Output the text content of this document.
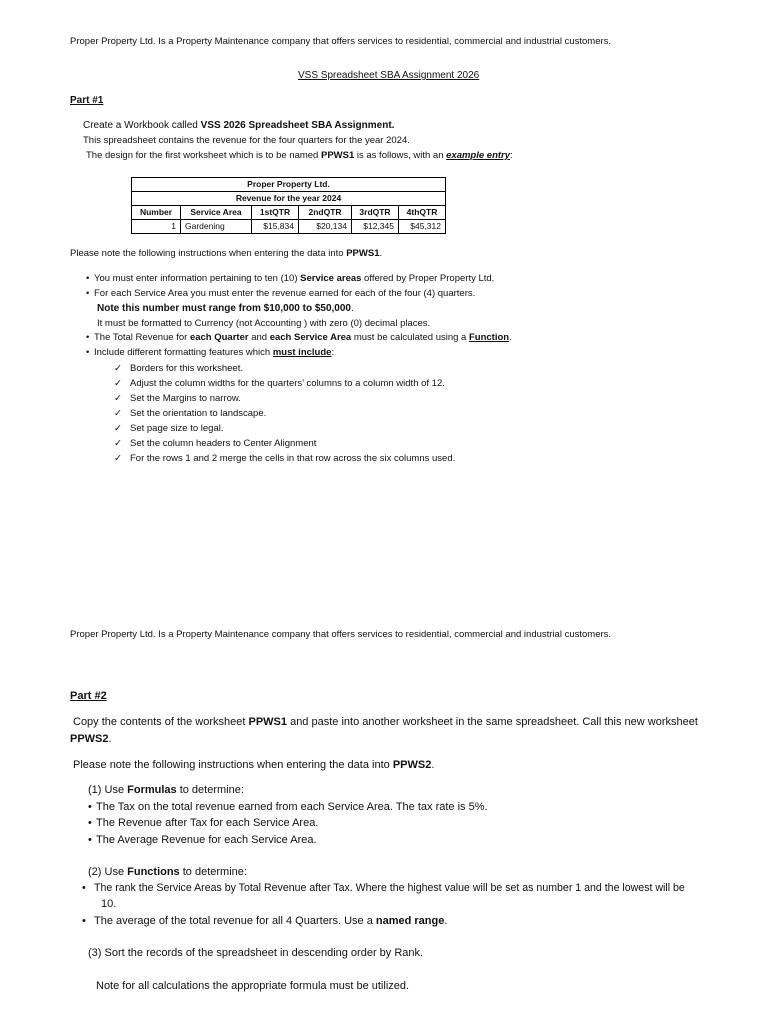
Proper Property Ltd. Is a Property Maintenance company that offers services to residential, commercial and industrial customers.
VSS Spreadsheet SBA Assignment 2026
Part #1
Create a Workbook called VSS 2026 Spreadsheet SBA Assignment.
This spreadsheet contains the revenue for the four quarters for the year 2024.
The design for the first worksheet which is to be named PPWS1 is as follows, with an example entry:
Proper Property Ltd.					
Revenue for the year 2024					
Number	Service Area	1stQTR	2ndQTR	3rdQTR	4thQTR
1	Gardening	$15,834	$20,134	$12,345	$45,312
Please note the following instructions when entering the data into PPWS1.
• You must enter information pertaining to ten (10) Service areas offered by Proper Property Ltd.
• For each Service Area you must enter the revenue earned for each of the four (4) quarters.
Note this number must range from $10,000 to $50,000.
It must be formatted to Currency (not Accounting ) with zero (0) decimal places.
• The Total Revenue for each Quarter and each Service Area must be calculated using a Function.
• Include different formatting features which must include:
✓ Borders for this worksheet.
✓ Adjust the column widths for the quarters’ columns to a column width of 12.
✓ Set the Margins to narrow.
✓ Set the orientation to landscape.
✓ Set page size to legal.
✓ Set the column headers to Center Alignment
✓ For the rows 1 and 2 merge the cells in that row across the six columns used.
Proper Property Ltd. Is a Property Maintenance company that offers services to residential, commercial and industrial customers.
Part #2
Copy the contents of the worksheet PPWS1 and paste into another worksheet in the same spreadsheet. Call this new worksheet
PPWS2.
Please note the following instructions when entering the data into PPWS2.
(1) Use Formulas to determine:
• The Tax on the total revenue earned from each Service Area. The tax rate is 5%.
• The Revenue after Tax for each Service Area.
• The Average Revenue for each Service Area.
(2) Use Functions to determine:
• The rank the Service Areas by Total Revenue after Tax. Where the highest value will be set as number 1 and the lowest will be
10.
• The average of the total revenue for all 4 Quarters. Use a named range.
(3) Sort the records of the spreadsheet in descending order by Rank.
Note for all calculations the appropriate formula must be utilized.
